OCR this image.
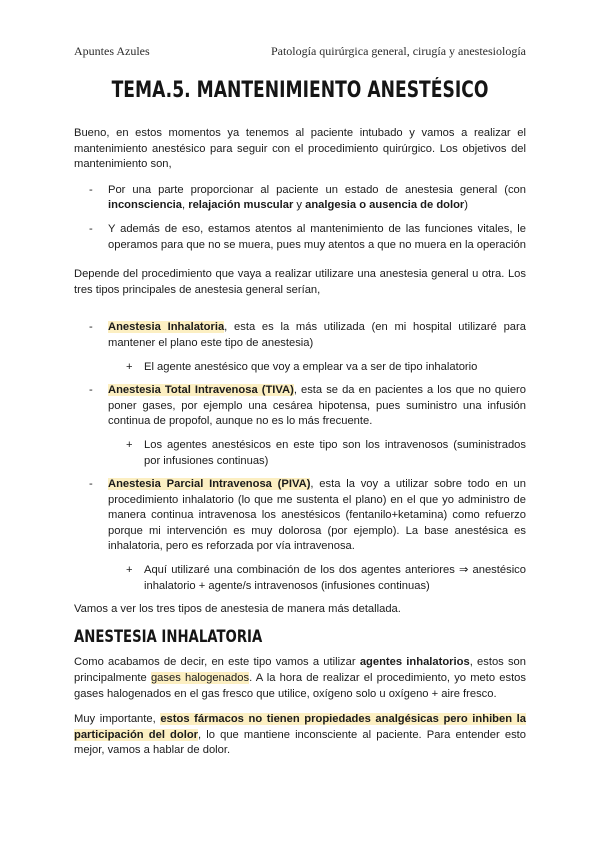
Apuntes Azules	Patología quirúrgica general, cirugía y anestesiología
TEMA.5. MANTENIMIENTO ANESTÉSICO

Bueno, en estos momentos ya tenemos al paciente intubado y vamos a realizar el mantenimiento anestésico para seguir con el procedimiento quirúrgico. Los objetivos del mantenimiento son,

- Por una parte proporcionar al paciente un estado de anestesia general (con inconsciencia, relajación muscular y analgesia o ausencia de dolor)
- Y además de eso, estamos atentos al mantenimiento de las funciones vitales, le operamos para que no se muera, pues muy atentos a que no muera en la operación

Depende del procedimiento que vaya a realizar utilizare una anestesia general u otra. Los tres tipos principales de anestesia general serían,

- Anestesia Inhalatoria, esta es la más utilizada (en mi hospital utilizaré para mantener el plano este tipo de anestesia)
+ El agente anestésico que voy a emplear va a ser de tipo inhalatorio
- Anestesia Total Intravenosa (TIVA), esta se da en pacientes a los que no quiero poner gases, por ejemplo una cesárea hipotensa, pues suministro una infusión continua de propofol, aunque no es lo más frecuente.
+ Los agentes anestésicos en este tipo son los intravenosos (suministrados por infusiones continuas)
- Anestesia Parcial Intravenosa (PIVA), esta la voy a utilizar sobre todo en un procedimiento inhalatorio (lo que me sustenta el plano) en el que yo administro de manera continua intravenosa los anestésicos (fentanilo+ketamina) como refuerzo porque mi intervención es muy dolorosa (por ejemplo). La base anestésica es inhalatoria, pero es reforzada por vía intravenosa.
+ Aquí utilizaré una combinación de los dos agentes anteriores ⇒ anestésico inhalatorio + agente/s intravenosos (infusiones continuas)

Vamos a ver los tres tipos de anestesia de manera más detallada.

ANESTESIA INHALATORIA

Como acabamos de decir, en este tipo vamos a utilizar agentes inhalatorios, estos son principalmente gases halogenados. A la hora de realizar el procedimiento, yo meto estos gases halogenados en el gas fresco que utilice, oxígeno solo u oxígeno + aire fresco.

Muy importante, estos fármacos no tienen propiedades analgésicas pero inhiben la participación del dolor, lo que mantiene inconsciente al paciente. Para entender esto mejor, vamos a hablar de dolor.
